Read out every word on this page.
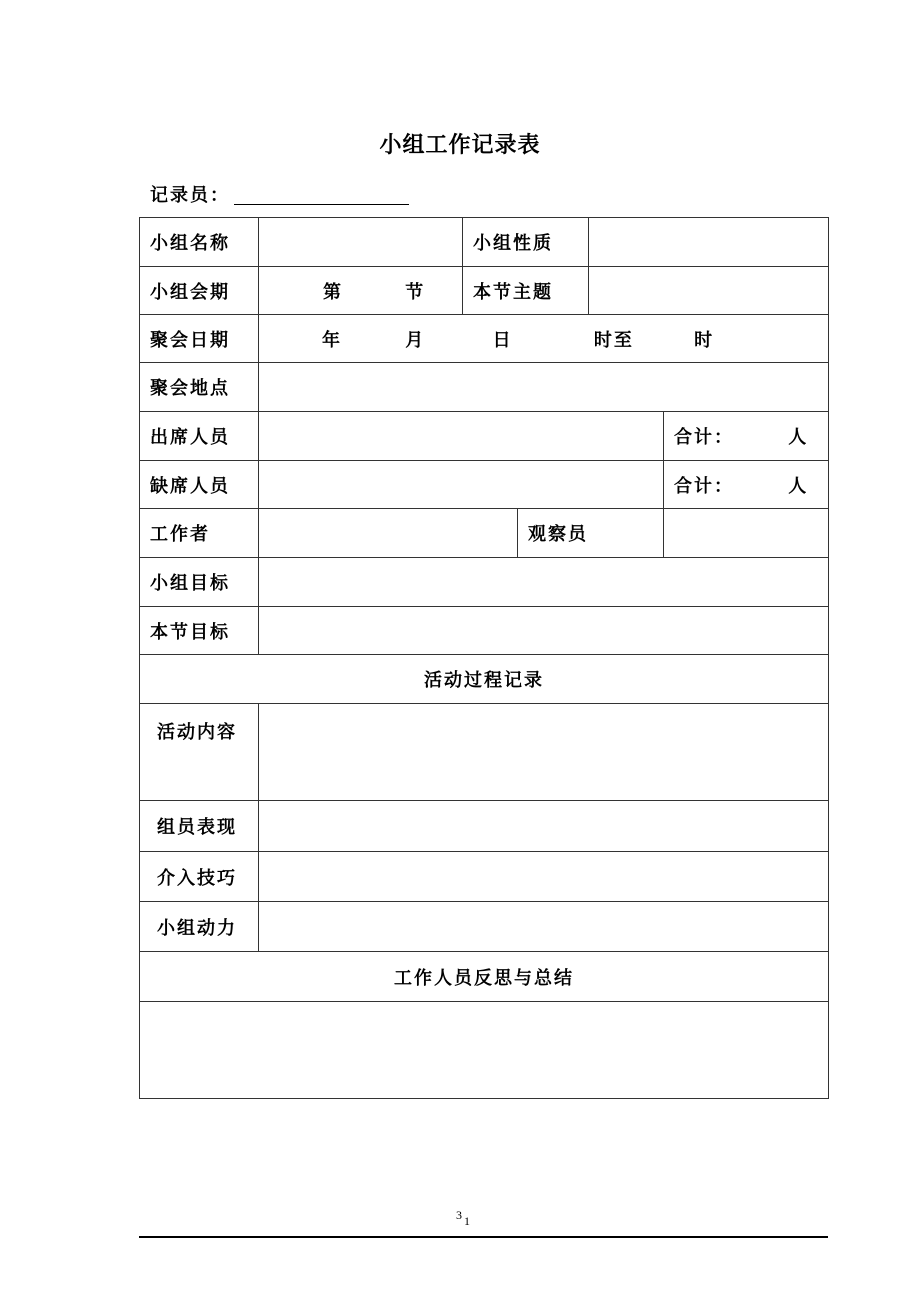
小组工作记录表
记录员：
小组名称		小组性质			
小组会期	第 节	本节主题			
聚会日期	年 月 日 时至 时				
聚会地点					
出席人员					合计： 人
缺席人员					合计： 人
工作者			观察员		
小组目标					
本节目标					
活动过程记录					
活动内容					
组员表现					
介入技巧					
小组动力					
工作人员反思与总结					

3 1
